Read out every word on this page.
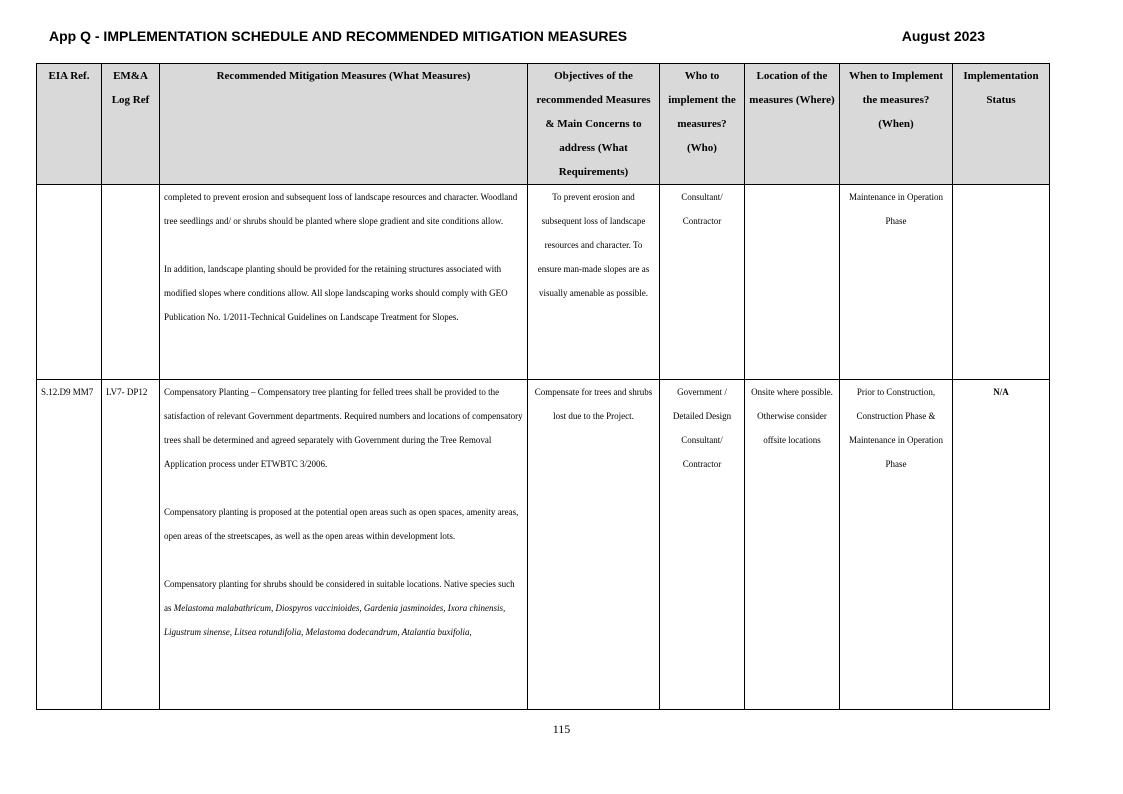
App Q - IMPLEMENTATION SCHEDULE AND RECOMMENDED MITIGATION MEASURES	August 2023
EIA Ref.	EM&A Log Ref	Recommended Mitigation Measures (What Measures)	Objectives of the recommended Measures & Main Concerns to address (What Requirements)	Who to implement the measures? (Who)	Location of the measures (Where)	When to Implement the measures? (When)	Implementation Status

		completed to prevent erosion and subsequent loss of landscape resources and character. Woodland tree seedlings and/ or shrubs should be planted where slope gradient and site conditions allow.
In addition, landscape planting should be provided for the retaining structures associated with modified slopes where conditions allow. All slope landscaping works should comply with GEO Publication No. 1/2011-Technical Guidelines on Landscape Treatment for Slopes.	To prevent erosion and subsequent loss of landscape resources and character. To ensure man-made slopes are as visually amenable as possible.	Consultant/ Contractor		Maintenance in Operation Phase	
S.12.D9 MM7	LV7- DP12	Compensatory Planting – Compensatory tree planting for felled trees shall be provided to the satisfaction of relevant Government departments. Required numbers and locations of compensatory trees shall be determined and agreed separately with Government during the Tree Removal Application process under ETWBTC 3/2006.
Compensatory planting is proposed at the potential open areas such as open spaces, amenity areas, open areas of the streetscapes, as well as the open areas within development lots.
Compensatory planting for shrubs should be considered in suitable locations. Native species such as Melastoma malabathricum, Diospyros vaccinioides, Gardenia jasminoides, Ixora chinensis, Ligustrum sinense, Litsea rotundifolia, Melastoma dodecandrum, Atalantia buxifolia,	Compensate for trees and shrubs lost due to the Project.	Government / Detailed Design Consultant/ Contractor	Onsite where possible. Otherwise consider offsite locations	Prior to Construction, Construction Phase & Maintenance in Operation Phase	N/A
115
